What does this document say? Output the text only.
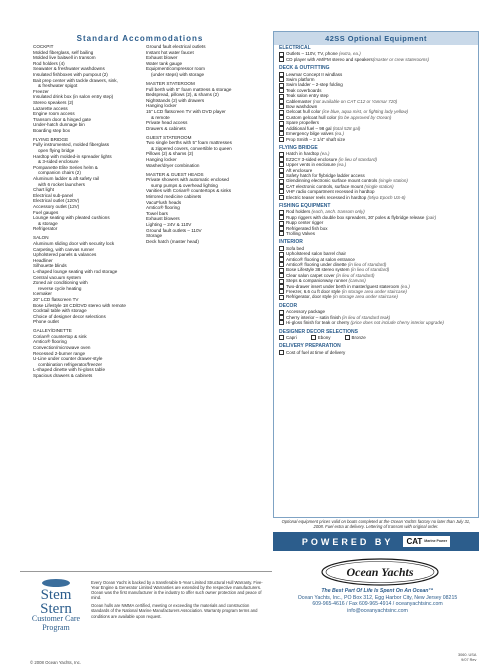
Standard Accommodations
COCKPIT
Molded fiberglass, self bailing
Molded live baitwell in transom
Rod holders (4)
Seawater & freshwater washdowns
Insulated fishboxes with pumpout (2)
Bait prep center with tackle drawers, sink,
& freshwater spigot
Freezer
Insulated drink box (in salon entry step)
Stereo speakers (2)
Lazarette access
Engine room access
Transom door & hinged gate
Under-hatch dunnage bin
Boarding step box
FLYING BRIDGE
Fully instrumented, molded fiberglass
open flying bridge
Hardtop with molded-in spreader lights
& 3-sided enclosure
Pompanette Elite Series helm &
companion chairs (2)
Aluminum ladder & aft safety rail
with 6 rocket launchers
Chart light
Electrical sub-panel
Electrical outlet (120V)
Accessory outlet (12V)
Fuel gauges
Lounge seating with pleated cushions
& storage
Refrigerator
SALON
Aluminum sliding door with security lock
Carpeting, with canvas runner
Upholstered panels & valances
Headliner
Silhouette blinds
L-shaped lounge seating with rod storage
Central vacuum system
Zoned air conditioning with
reverse cycle heating
Icemaker
20" LCD flatscreen TV
Bose Lifestyle 18 CD/DVD stereo with remote
Cocktail table with storage
Choice of designer decor selections
Phone outlet
GALLEY/DINETTE
Corian® countertop & sink
Amtico® flooring
Convection/microwave oven
Recessed 2-burner range
U-Line under counter drawer-style
combination refrigerator/freezer
L-shaped dinette with hi-gloss table
Spacious drawers & cabinets
Ground fault electrical outlets
Instant hot water faucet
Exhaust blower
Water tank gauge
Equipment/compressor room
(under steps) with storage
MASTER STATEROOM
Full berth with 5" foam mattress & storage
Bedspread, pillows (2), & shams (2)
Nightstands (2) with drawers
Hanging locker
15" LCD flatscreen TV with DVD player
& remote
Private head access
Drawers & cabinets
GUEST STATEROOM
Two single berths with 5" foam mattresses
& zippered covers, convertible to queen
Pillows (2) & shams (2)
Hanging locker
Washer/dryer combination
MASTER & GUEST HEADS
Private showers with automatic enclosed
sump pumps & overhead lighting
Vanities with Corian® countertops & sinks
Mirrored medicine cabinets
VacuFlush heads
Amtico® flooring
Towel bars
Exhaust blowers
Lighting – 24V & 110V
Ground fault outlets – 110V
Storage
Deck hatch (master head)
42SS Optional Equipment
ELECTRICAL
Outlets – 110V, TV, phone (extra, ea.)
CD player with AM/FM stereo and speakers(master or crew staterooms)
DECK & OUTFITTING
Lewmar Concept II windlass
Swim platform
Swim ladder – 2-step folding
Teak coverboards
Teak salon entry step
Cablemaster (not available on CAT C12 or Yanmar 720)
Bow washdown
Gelcoat hull color (ice blue, aqua mist, or fighting lady yellow)
Custom gelcoat hull color (to be approved by Ocean)
Spare propellers
Additional fuel – 98 gal (total 528 gal)
Emergency bilge valves (ea.)
Prop Smith – 2 1/4" shaft size
FLYING BRIDGE
Hatch in hardtop (ea.)
EZ2CY 3-sided enclosure (in lieu of standard)
Upper vents in enclosure (ea.)
Aft enclosure
Safety hatch for flybridge ladder access
Glendinning electronic surface mount controls (single station)
CAT electronic controls, surface mount (single station)
VHF radio compartment recessed in hardtop
Electric teaser reels recessed in hardtop (Miya Epoch US-6)
FISHING EQUIPMENT
Rod holders (each, anch. transom only)
Rupp riggers with double box spreaders, 30' poles & flybridge release (pair)
Rupp center rigger
Refrigerated fish box
Trolling Valves
INTERIOR
Sofa bed
Upholstered salon barrel chair
Amtico® flooring at salon entrance
Amtico® flooring under dinette (in lieu of standard)
Bose Lifestyle 38 stereo system (in lieu of standard)
Clear salon carpet cover (in lieu of standard)
Steps & companionway runner (canvas)
Two-drawer insert under berth in master/guest stateroom (ea.)
Freezer, 6.6 cu ft door style (in storage area under staircase)
Refrigerator, door style (in storage area under staircase)
DECOR
Accessory package
Cherry interior – satin finish (in lieu of standard teak)
Hi-gloss finish for teak or cherry (price does not include cherry interior upgrade)
DESIGNER DECOR SELECTIONS
Capri	Ebony	Bronze
DELIVERY PREPARATION
Cost of fuel at time of delivery
Optional equipment prices valid on boats completed at the Ocean Yachts factory no later than July 31, 2008. Fuel extra at delivery. Lettering of transom with original order.
POWERED BY CAT Marine Power
Ocean Yachts
The Best Part Of Life Is Spent On An Ocean™
Ocean Yachts, Inc., PO Box 312, Egg Harbor City, New Jersey 08215
609-965-4616 / Fax 609-965-4914 / oceanyachtsinc.com
info@oceanyachtsinc.com
Stem
Stern
Customer Care Program
Every Ocean Yacht is backed by a transferable 5-Year Limited Structural Hull Warranty. Five-Year Engine & Generator Limited Warranties are extended by the respective manufacturers. Ocean was the first manufacturer in the industry to offer such owner protection and peace of mind.
Ocean hulls are NMMA certified, meeting or exceeding the materials and construction standards of the National Marine Manufacturers Association. Warranty program terms and conditions are available upon request.
© 2008 Ocean Yachts, Inc.
3060. USA
9/07 Rev
